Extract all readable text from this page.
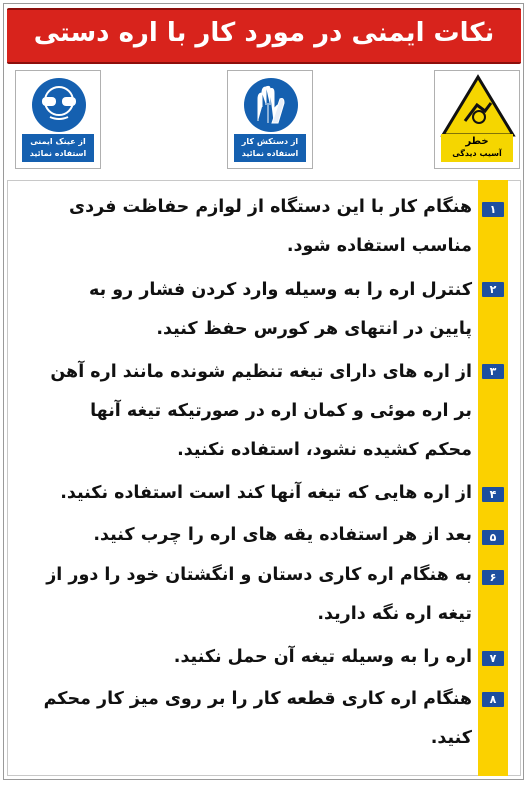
نکات ایمنی در مورد کار با اره دستی
از عینک ایمنی استفاده نمائید
از دستکش کار استفاده نمائید
خطر
آسیب دیدگی
هنگام کار با این دستگاه از لوازم حفاظت فردی مناسب استفاده شود.
۱
کنترل اره را به وسیله وارد کردن فشار رو به پایین در انتهای هر کورس حفظ کنید.
۲
از اره های دارای تیغه تنظیم شونده مانند اره آهن بر اره موئی و کمان اره در صورتیکه تیغه آنها محکم کشیده نشود، استفاده نکنید.
۳
از اره هایی که تیغه آنها کند است استفاده نکنید.	۴
بعد از هر استفاده یقه های اره را چرب کنید.	۵
به هنگام اره کاری دستان و انگشتان خود را دور از تیغه اره نگه دارید.
۶
اره را به وسیله تیغه آن حمل نکنید.	۷
هنگام اره کاری قطعه کار را بر روی میز کار محکم کنید.
۸
